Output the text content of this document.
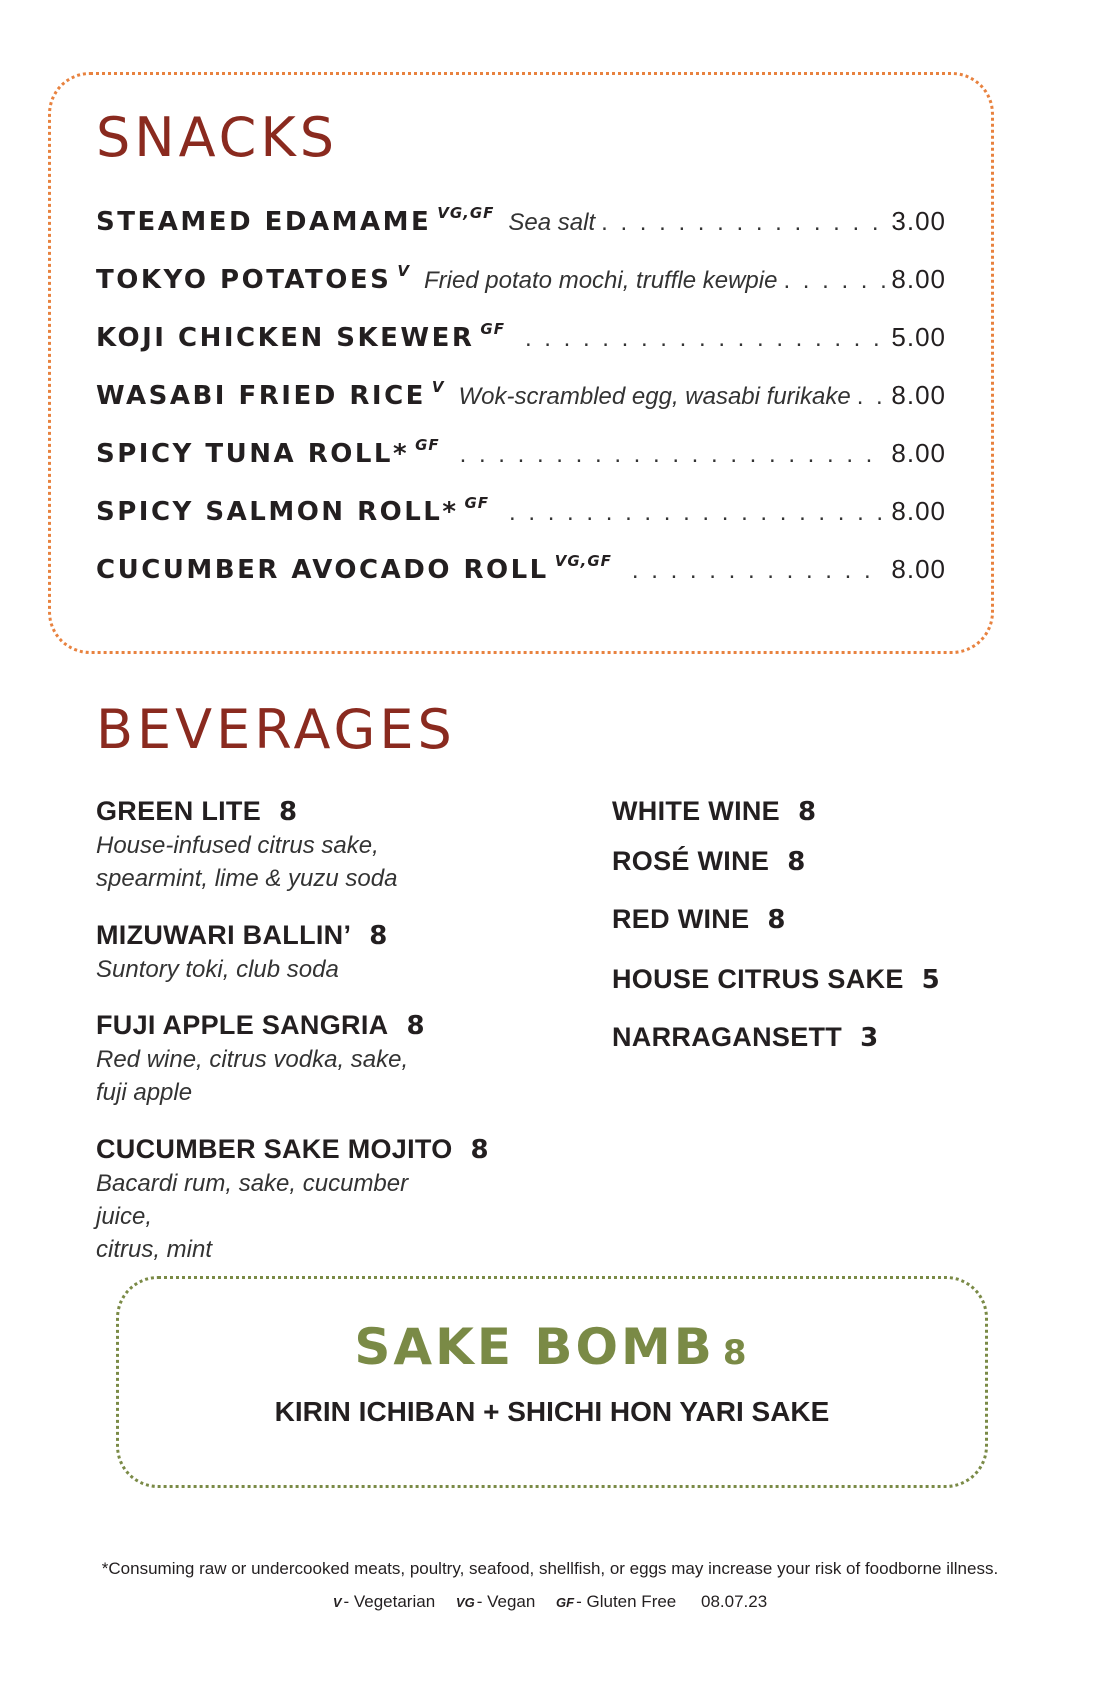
SNACKS
STEAMED EDAMAME VG,GF Sea salt . . .	3.00
TOKYO POTATOES V Fried potato mochi, truffle kewpie . . .	8.00
KOJI CHICKEN SKEWER GF . . .	5.00
WASABI FRIED RICE V Wok-scrambled egg, wasabi furikake . . . 8.00
SPICY TUNA ROLL* GF . . .	8.00
SPICY SALMON ROLL* GF . . .	8.00
CUCUMBER AVOCADO ROLL VG,GF . . .	8.00
BEVERAGES
GREEN LITE 8
House-infused citrus sake,
spearmint, lime & yuzu soda
MIZUWARI BALLIN’ 8
Suntory toki, club soda
FUJI APPLE SANGRIA 8
Red wine, citrus vodka, sake,
fuji apple
CUCUMBER SAKE MOJITO 8
Bacardi rum, sake, cucumber juice,
citrus, mint
WHITE WINE 8
ROSÉ WINE 8
RED WINE 8
HOUSE CITRUS SAKE 5
NARRAGANSETT 3
SAKE BOMB 8
KIRIN ICHIBAN + SHICHI HON YARI SAKE
*Consuming raw or undercooked meats, poultry, seafood, shellfish, or eggs may increase your risk of foodborne illness.
V - Vegetarian VG - Vegan GF - Gluten Free 08.07.23
